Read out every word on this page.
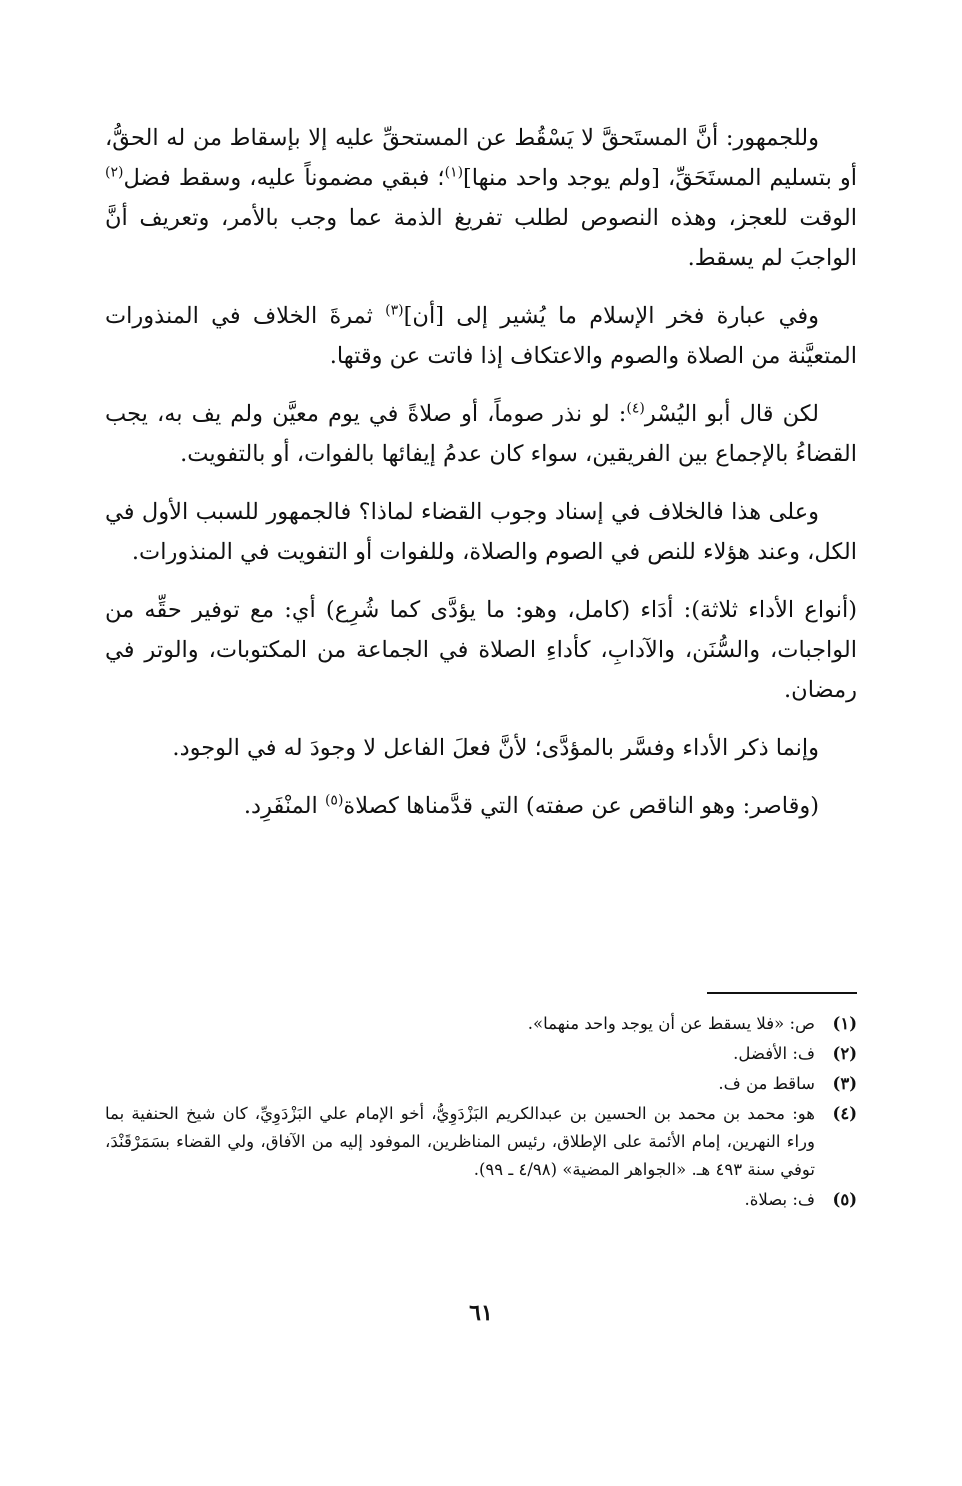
وللجمهور: أنَّ المستَحقَّ لا يَسْقُط عن المستحقِّ عليه إلا بإسقاط من له الحقُّ، أو بتسليم المستَحَقِّ، [ولم يوجد واحد منها]$^{(١)}$؛ فبقي مضموناً عليه، وسقط فضل$^{(٢)}$ الوقت للعجز، وهذه النصوص لطلب تفريغ الذمة عما وجب بالأمر، وتعريف أنَّ الواجبَ لم يسقط.

وفي عبارة فخر الإسلام ما يُشير إلى [أن]$^{(٣)}$ ثمرةَ الخلاف في المنذورات المتعيَّنة من الصلاة والصوم والاعتكاف إذا فاتت عن وقتها.

لكن قال أبو اليُسْر$^{(٤)}$: لو نذر صوماً، أو صلاةً في يوم معيَّن ولم يف به، يجب القضاءُ بالإجماع بين الفريقين، سواء كان عدمُ إيفائها بالفوات، أو بالتفويت.

وعلى هذا فالخلاف في إسناد وجوب القضاء لماذا؟ فالجمهور للسبب الأول في الكل، وعند هؤلاء للنص في الصوم والصلاة، وللفوات أو التفويت في المنذورات.

(أنواع الأداء ثلاثة): أدَاء (كامل، وهو: ما يؤدَّى كما شُرِع) أي: مع توفير حقِّه من الواجبات، والسُّنَن، والآدابِ، كأداءِ الصلاة في الجماعة من المكتوبات، والوتر في رمضان.

وإنما ذكر الأداء وفسَّر بالمؤدَّى؛ لأنَّ فعلَ الفاعل لا وجودَ له في الوجود.

(وقاصر: وهو الناقص عن صفته) التي قدَّمناها كصلاة$^{(٥)}$ المنْفَرِد.

(١)
ص: «فلا يسقط عن أن يوجد واحد منهما».
(٢)
ف: الأفضل.
(٣)
ساقط من ف.
(٤)
هو: محمد بن محمد بن الحسين بن عبدالكريم البَزْدَوِيُّ، أخو الإمام علي البَزْدَوِيِّ، كان شيخ الحنفية بما وراء النهرين، إمام الأئمة على الإطلاق، رئيس المناظرين، الموفود إليه من الآفاق، ولي القضاء بسَمَرْقَنْدَ، توفي سنة ٤٩٣ هـ. «الجواهر المضية» (٤/٩٨ ـ ٩٩).
(٥)
ف: بصلاة.
٦١
